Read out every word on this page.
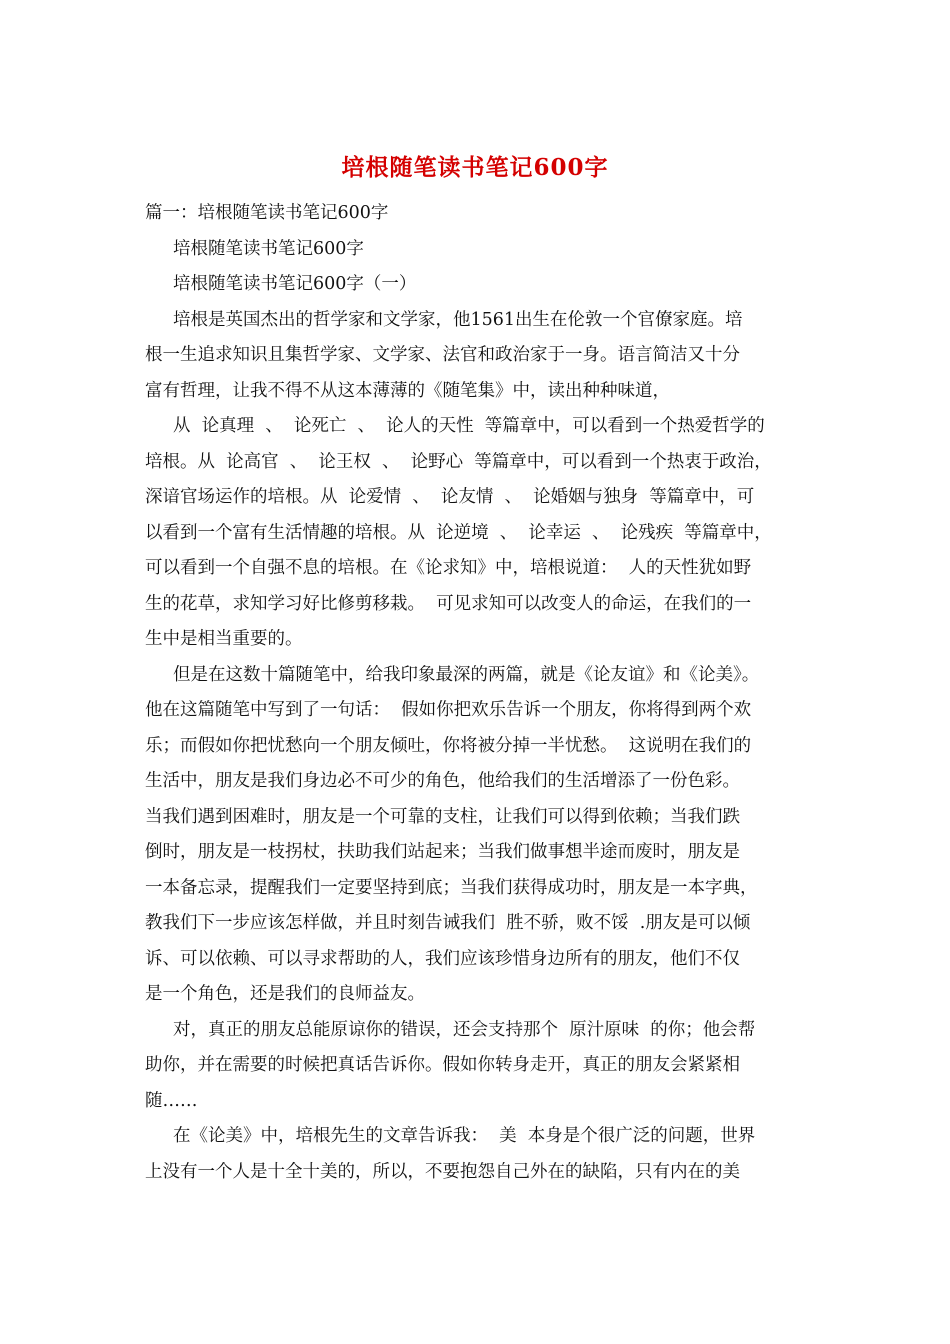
培根随笔读书笔记600字
篇一：培根随笔读书笔记600字
培根随笔读书笔记600字
培根随笔读书笔记600字（一）
培根是英国杰出的哲学家和文学家，他1561出生在伦敦一个官僚家庭。培
根一生追求知识且集哲学家、文学家、法官和政治家于一身。语言简洁又十分
富有哲理，让我不得不从这本薄薄的《随笔集》中，读出种种味道，
从  论真理  、  论死亡  、  论人的天性  等篇章中，可以看到一个热爱哲学的
培根。从  论高官  、  论王权  、  论野心  等篇章中，可以看到一个热衷于政治，
深谙官场运作的培根。从  论爱情  、  论友情  、  论婚姻与独身  等篇章中，可
以看到一个富有生活情趣的培根。从  论逆境  、  论幸运  、  论残疾  等篇章中，
可以看到一个自强不息的培根。在《论求知》中，培根说道：  人的天性犹如野
生的花草，求知学习好比修剪移栽。  可见求知可以改变人的命运，在我们的一
生中是相当重要的。
但是在这数十篇随笔中，给我印象最深的两篇，就是《论友谊》和《论美》。
他在这篇随笔中写到了一句话：  假如你把欢乐告诉一个朋友，你将得到两个欢
乐；而假如你把忧愁向一个朋友倾吐，你将被分掉一半忧愁。  这说明在我们的
生活中，朋友是我们身边必不可少的角色，他给我们的生活增添了一份色彩。
当我们遇到困难时，朋友是一个可靠的支柱，让我们可以得到依赖；当我们跌
倒时，朋友是一枝拐杖，扶助我们站起来；当我们做事想半途而废时，朋友是
一本备忘录，提醒我们一定要坚持到底；当我们获得成功时，朋友是一本字典，
教我们下一步应该怎样做，并且时刻告诫我们  胜不骄，败不馁  .朋友是可以倾
诉、可以依赖、可以寻求帮助的人，我们应该珍惜身边所有的朋友，他们不仅
是一个角色，还是我们的良师益友。
对，真正的朋友总能原谅你的错误，还会支持那个  原汁原味  的你；他会帮
助你，并在需要的时候把真话告诉你。假如你转身走开，真正的朋友会紧紧相
随……
在《论美》中，培根先生的文章告诉我：  美  本身是个很广泛的问题，世界
上没有一个人是十全十美的，所以，不要抱怨自己外在的缺陷，只有内在的美
